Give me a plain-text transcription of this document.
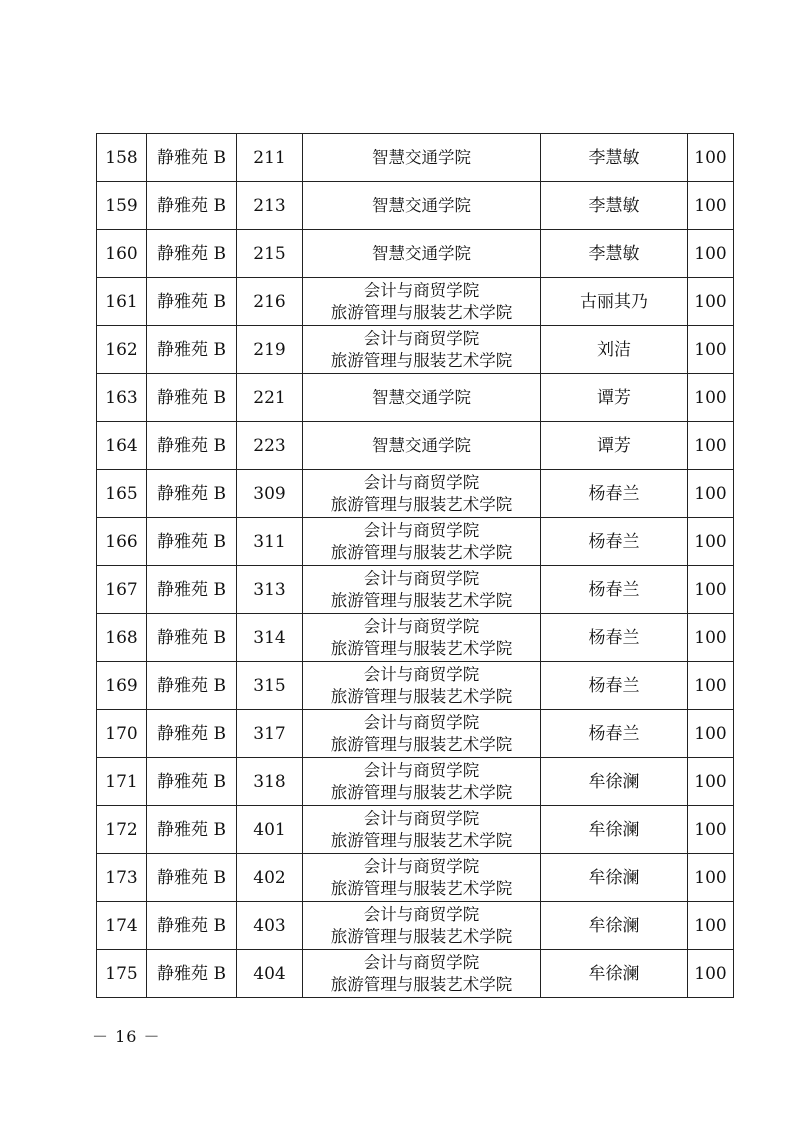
158	静雅苑 B	211	智慧交通学院	李慧敏	100
159	静雅苑 B	213	智慧交通学院	李慧敏	100
160	静雅苑 B	215	智慧交通学院	李慧敏	100
161	静雅苑 B	216	会计与商贸学院
旅游管理与服装艺术学院	古丽其乃	100
162	静雅苑 B	219	会计与商贸学院
旅游管理与服装艺术学院	刘洁	100
163	静雅苑 B	221	智慧交通学院	谭芳	100
164	静雅苑 B	223	智慧交通学院	谭芳	100
165	静雅苑 B	309	会计与商贸学院
旅游管理与服装艺术学院	杨春兰	100
166	静雅苑 B	311	会计与商贸学院
旅游管理与服装艺术学院	杨春兰	100
167	静雅苑 B	313	会计与商贸学院
旅游管理与服装艺术学院	杨春兰	100
168	静雅苑 B	314	会计与商贸学院
旅游管理与服装艺术学院	杨春兰	100
169	静雅苑 B	315	会计与商贸学院
旅游管理与服装艺术学院	杨春兰	100
170	静雅苑 B	317	会计与商贸学院
旅游管理与服装艺术学院	杨春兰	100
171	静雅苑 B	318	会计与商贸学院
旅游管理与服装艺术学院	牟徐澜	100
172	静雅苑 B	401	会计与商贸学院
旅游管理与服装艺术学院	牟徐澜	100
173	静雅苑 B	402	会计与商贸学院
旅游管理与服装艺术学院	牟徐澜	100
174	静雅苑 B	403	会计与商贸学院
旅游管理与服装艺术学院	牟徐澜	100
175	静雅苑 B	404	会计与商贸学院
旅游管理与服装艺术学院	牟徐澜	100
－ 16 －
